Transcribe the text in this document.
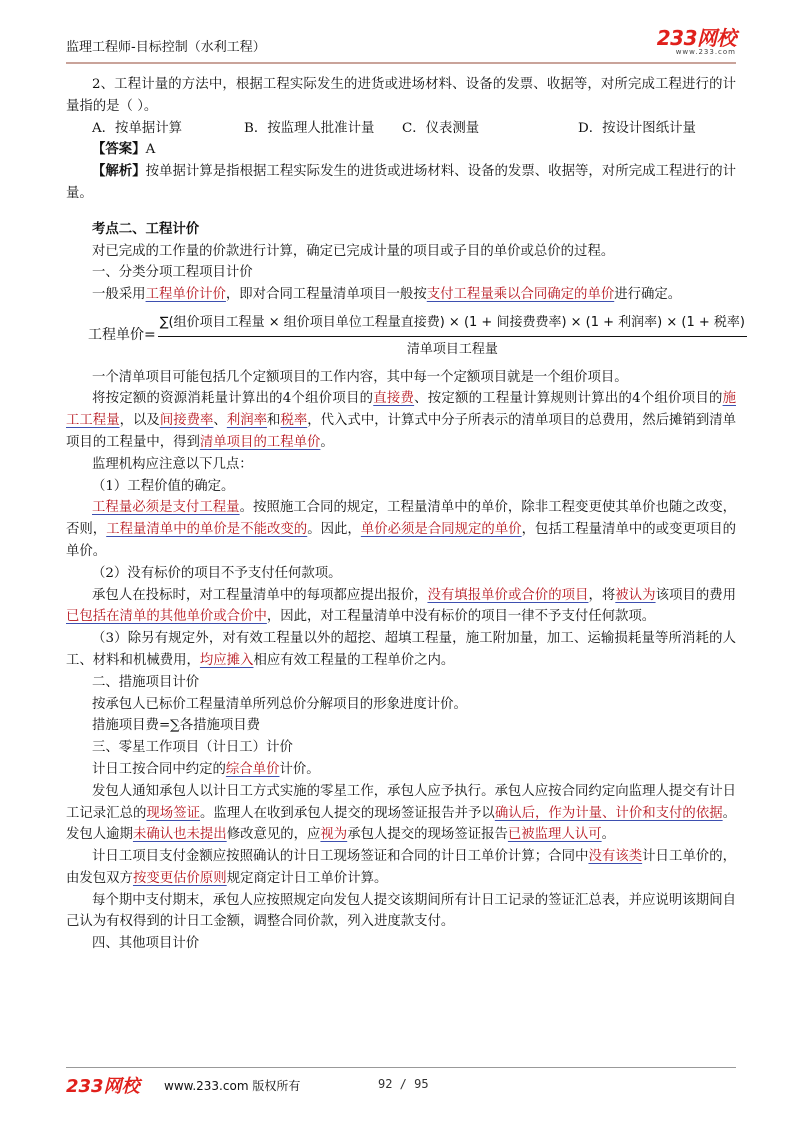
监理工程师-目标控制（水利工程）	233网校
www.233.com

2、工程计量的方法中，根据工程实际发生的进货或进场材料、设备的发票、收据等，对所完成工程进行的计量指的是（ ）。

A．按单据计算	B．按监理人批准计量	C．仪表测量	D．按设计图纸计量

【答案】A

【解析】按单据计算是指根据工程实际发生的进货或进场材料、设备的发票、收据等，对所完成工程进行的计量。

考点二、工程计价

对已完成的工作量的价款进行计算，确定已完成计量的项目或子目的单价或总价的过程。

一、分类分项工程项目计价

一般采用工程单价计价，即对合同工程量清单项目一般按支付工程量乘以合同确定的单价进行确定。

工程单价=
∑(组价项目工程量 × 组价项目单位工程量直接费) × (1 + 间接费费率) × (1 + 利润率) × (1 + 税率)
清单项目工程量

一个清单项目可能包括几个定额项目的工作内容，其中每一个定额项目就是一个组价项目。

将按定额的资源消耗量计算出的4个组价项目的直接费、按定额的工程量计算规则计算出的4个组价项目的施工工程量，以及间接费率、利润率和税率，代入式中，计算式中分子所表示的清单项目的总费用，然后摊销到清单项目的工程量中，得到清单项目的工程单价。

监理机构应注意以下几点：

（1）工程价值的确定。

工程量必须是支付工程量。按照施工合同的规定，工程量清单中的单价，除非工程变更使其单价也随之改变，否则，工程量清单中的单价是不能改变的。因此，单价必须是合同规定的单价，包括工程量清单中的或变更项目的单价。

（2）没有标价的项目不予支付任何款项。

承包人在投标时，对工程量清单中的每项都应提出报价，没有填报单价或合价的项目，将被认为该项目的费用已包括在清单的其他单价或合价中，因此，对工程量清单中没有标价的项目一律不予支付任何款项。

（3）除另有规定外，对有效工程量以外的超挖、超填工程量，施工附加量，加工、运输损耗量等所消耗的人工、材料和机械费用，均应摊入相应有效工程量的工程单价之内。

二、措施项目计价

按承包人已标价工程量清单所列总价分解项目的形象进度计价。

措施项目费=∑各措施项目费

三、零星工作项目（计日工）计价

计日工按合同中约定的综合单价计价。

发包人通知承包人以计日工方式实施的零星工作，承包人应予执行。承包人应按合同约定向监理人提交有计日工记录汇总的现场签证。监理人在收到承包人提交的现场签证报告并予以确认后，作为计量、计价和支付的依据。发包人逾期未确认也未提出修改意见的，应视为承包人提交的现场签证报告已被监理人认可。

计日工项目支付金额应按照确认的计日工现场签证和合同的计日工单价计算；合同中没有该类计日工单价的，由发包双方按变更估价原则规定商定计日工单价计算。

每个期中支付期末，承包人应按照规定向发包人提交该期间所有计日工记录的签证汇总表，并应说明该期间自己认为有权得到的计日工金额，调整合同价款，列入进度款支付。

四、其他项目计价

233网校 www.233.com 版权所有	92 / 95
